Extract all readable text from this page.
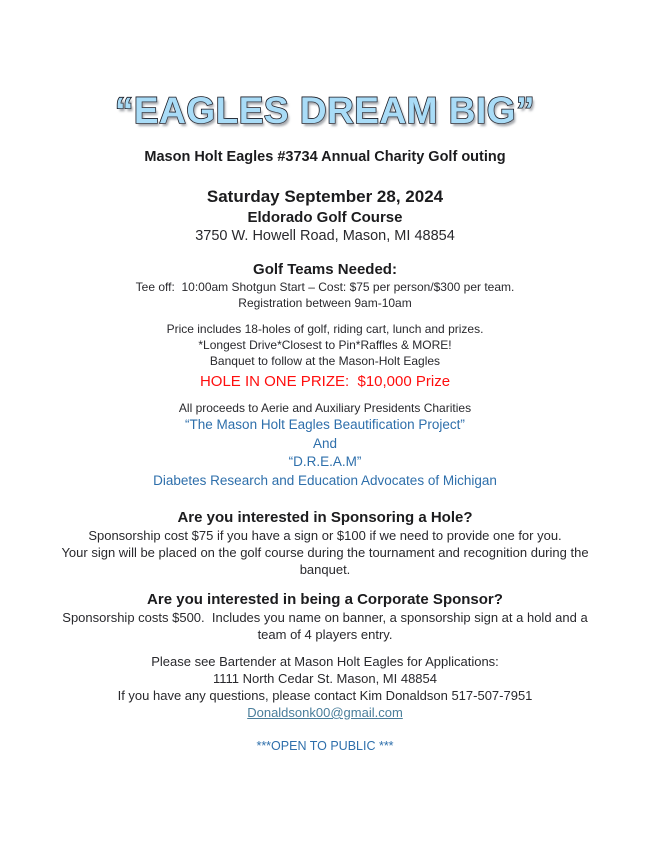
“EAGLES DREAM BIG”
Mason Holt Eagles #3734 Annual Charity Golf outing
Saturday September 28, 2024
Eldorado Golf Course
3750 W. Howell Road, Mason, MI 48854
Golf Teams Needed:
Tee off:  10:00am Shotgun Start – Cost: $75 per person/$300 per team.
Registration between 9am-10am
Price includes 18-holes of golf, riding cart, lunch and prizes.
*Longest Drive*Closest to Pin*Raffles & MORE!
Banquet to follow at the Mason-Holt Eagles
HOLE IN ONE PRIZE:  $10,000 Prize
All proceeds to Aerie and Auxiliary Presidents Charities
“The Mason Holt Eagles Beautification Project”
And
“D.R.E.A.M”
Diabetes Research and Education Advocates of Michigan
Are you interested in Sponsoring a Hole?
Sponsorship cost $75 if you have a sign or $100 if we need to provide one for you.
Your sign will be placed on the golf course during the tournament and recognition during the banquet.
Are you interested in being a Corporate Sponsor?
Sponsorship costs $500.  Includes you name on banner, a sponsorship sign at a hold and a team of 4 players entry.
Please see Bartender at Mason Holt Eagles for Applications:
1111 North Cedar St. Mason, MI 48854
If you have any questions, please contact Kim Donaldson 517-507-7951
Donaldsonk00@gmail.com
***OPEN TO PUBLIC ***
